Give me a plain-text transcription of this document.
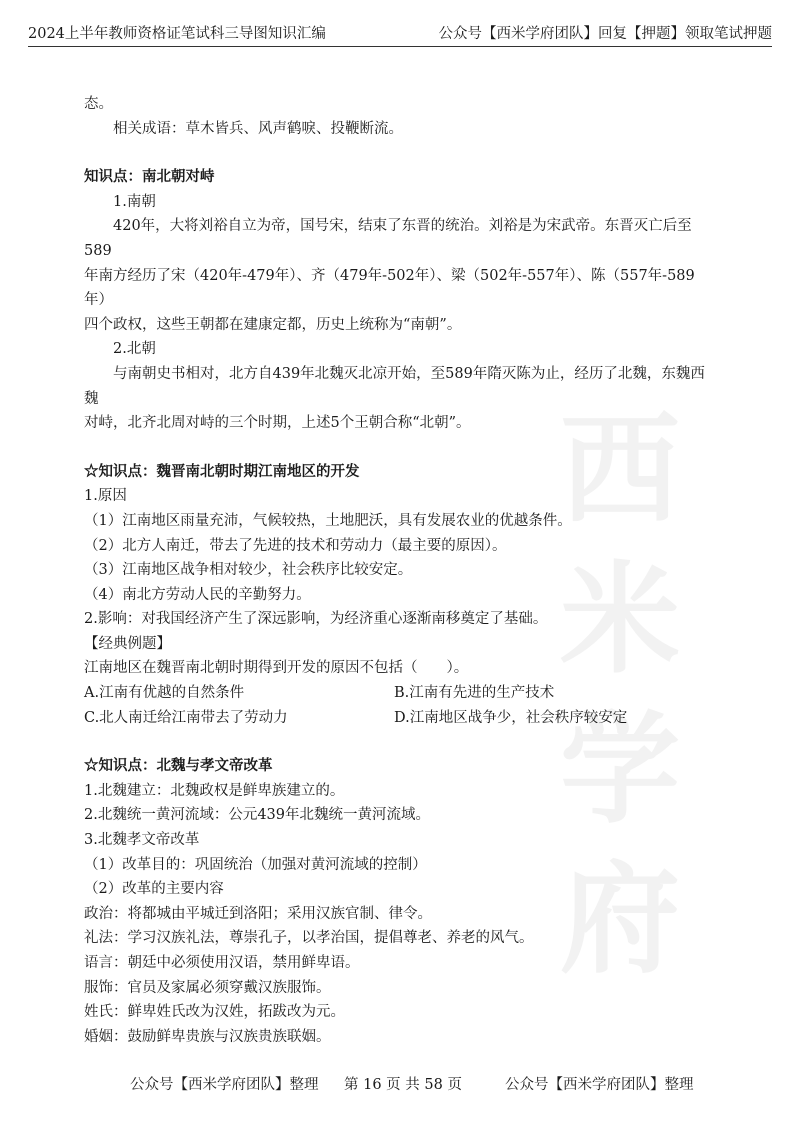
2024上半年教师资格证笔试科三导图知识汇编	公众号【西米学府团队】回复【押题】领取笔试押题
西米
学府

态。

相关成语：草木皆兵、风声鹤唳、投鞭断流。

知识点：南北朝对峙

1.南朝

420年，大将刘裕自立为帝，国号宋，结束了东晋的统治。刘裕是为宋武帝。东晋灭亡后至589

年南方经历了宋（420年-479年）、齐（479年-502年）、梁（502年-557年）、陈（557年-589年）

四个政权，这些王朝都在建康定都，历史上统称为“南朝”。

2.北朝

与南朝史书相对，北方自439年北魏灭北凉开始，至589年隋灭陈为止，经历了北魏，东魏西魏

对峙，北齐北周对峙的三个时期，上述5个王朝合称“北朝”。

☆知识点：魏晋南北朝时期江南地区的开发

1.原因

（1）江南地区雨量充沛，气候较热，土地肥沃，具有发展农业的优越条件。

（2）北方人南迁，带去了先进的技术和劳动力（最主要的原因）。

（3）江南地区战争相对较少，社会秩序比较安定。

（4）南北方劳动人民的辛勤努力。

2.影响：对我国经济产生了深远影响，为经济重心逐渐南移奠定了基础。

【经典例题】

江南地区在魏晋南北朝时期得到开发的原因不包括（　　）。

A.江南有优越的自然条件	B.江南有先进的生产技术
C.北人南迁给江南带去了劳动力	D.江南地区战争少，社会秩序较安定

☆知识点：北魏与孝文帝改革

1.北魏建立：北魏政权是鲜卑族建立的。

2.北魏统一黄河流域：公元439年北魏统一黄河流域。

3.北魏孝文帝改革

（1）改革目的：巩固统治（加强对黄河流域的控制）

（2）改革的主要内容

政治：将都城由平城迁到洛阳；采用汉族官制、律令。

礼法：学习汉族礼法，尊崇孔子，以孝治国，提倡尊老、养老的风气。

语言：朝廷中必须使用汉语，禁用鲜卑语。

服饰：官员及家属必须穿戴汉族服饰。

姓氏：鲜卑姓氏改为汉姓，拓跋改为元。

婚姻：鼓励鲜卑贵族与汉族贵族联姻。

公众号【西米学府团队】整理 第 16 页 共 58 页	公众号【西米学府团队】整理
